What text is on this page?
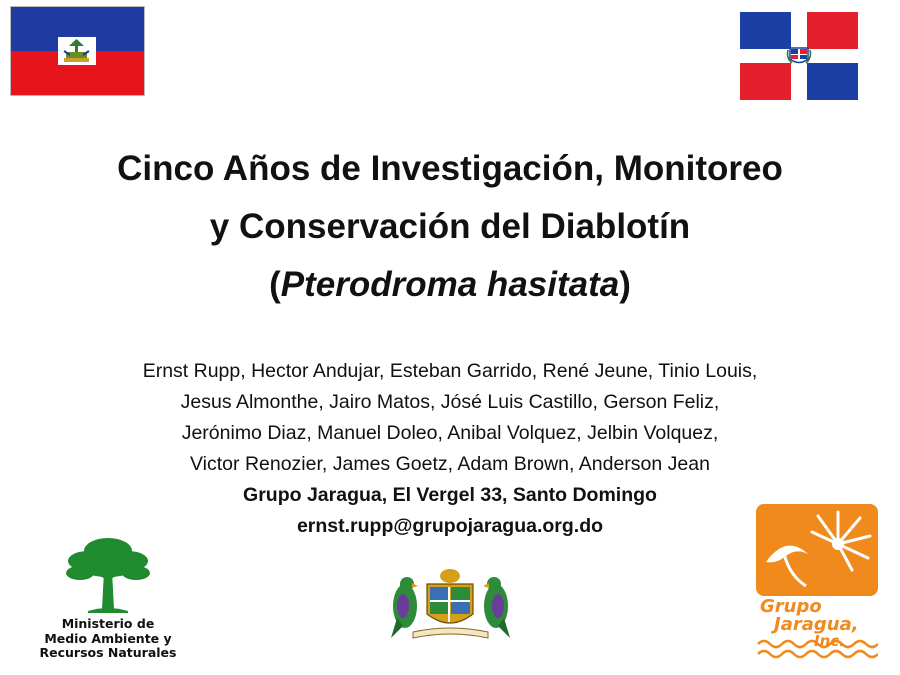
Cinco Años de Investigación, Monitoreo
y Conservación del Diablotín
(Pterodroma hasitata)
Ernst Rupp, Hector Andujar, Esteban Garrido, René Jeune, Tinio Louis,
Jesus Almonthe, Jairo Matos, Jósé Luis Castillo, Gerson Feliz,
Jerónimo Diaz, Manuel Doleo, Anibal Volquez, Jelbin Volquez,
Victor Renozier, James Goetz, Adam Brown, Anderson Jean
Grupo Jaragua, El Vergel 33, Santo Domingo
ernst.rupp@grupojaragua.org.do
Ministerio de
Medio Ambiente y
Recursos Naturales
Grupo
Jaragua,
Inc.
